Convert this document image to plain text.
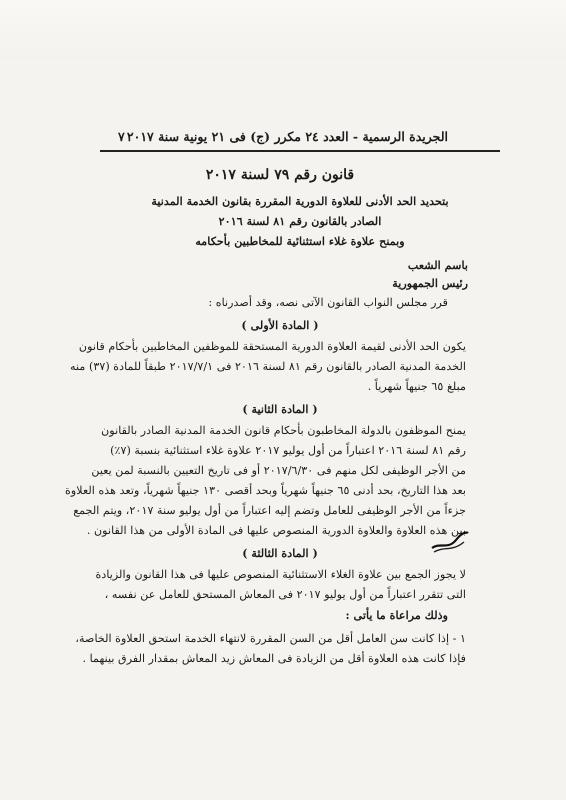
الجريدة الرسمية - العدد ٢٤ مكرر (ج) فى ٢١ يونية سنة ٢٠١٧
٧
قانون رقم ٧٩ لسنة ٢٠١٧
بتحديد الحد الأدنى للعلاوة الدورية المقررة بقانون الخدمة المدنية
الصادر بالقانون رقم ٨١ لسنة ٢٠١٦
وبمنح علاوة غلاء استثنائية للمخاطبين بأحكامه
باسم الشعب
رئيس الجمهورية
قرر مجلس النواب القانون الآتى نصه، وقد أصدرناه :
( المادة الأولى )
يكون الحد الأدنى لقيمة العلاوة الدورية المستحقة للموظفين المخاطبين بأحكام قانون
الخدمة المدنية الصادر بالقانون رقم ٨١ لسنة ٢٠١٦ فى ٢٠١٧/٧/١ طبقاً للمادة (٣٧) منه
مبلغ ٦٥ جنيهاً شهرياً .
( المادة الثانية )
يمنح الموظفون بالدولة المخاطبون بأحكام قانون الخدمة المدنية الصادر بالقانون
رقم ٨١ لسنة ٢٠١٦ اعتباراً من أول يوليو ٢٠١٧ علاوة غلاء استثنائية بنسبة (٧٪)
من الأجر الوظيفى لكل منهم فى ٢٠١٧/٦/٣٠ أو فى تاريخ التعيين بالنسبة لمن يعين
بعد هذا التاريخ، بحد أدنى ٦٥ جنيهاً شهرياً وبحد أقصى ١٣٠ جنيهاً شهرياً، وتعد هذه العلاوة
جزءاً من الأجر الوظيفى للعامل وتضم إليه اعتباراً من أول يوليو سنة ٢٠١٧، ويتم الجمع
بين هذه العلاوة والعلاوة الدورية المنصوص عليها فى المادة الأولى من هذا القانون .
( المادة الثالثة )
لا يجوز الجمع بين علاوة الغلاء الاستثنائية المنصوص عليها فى هذا القانون والزيادة
التى تتقرر اعتباراً من أول يوليو ٢٠١٧ فى المعاش المستحق للعامل عن نفسه ،
وذلك مراعاة ما يأتى :
١ - إذا كانت سن العامل أقل من السن المقررة لانتهاء الخدمة استحق العلاوة الخاصة،
فإذا كانت هذه العلاوة أقل من الزيادة فى المعاش زيد المعاش بمقدار الفرق بينهما .
